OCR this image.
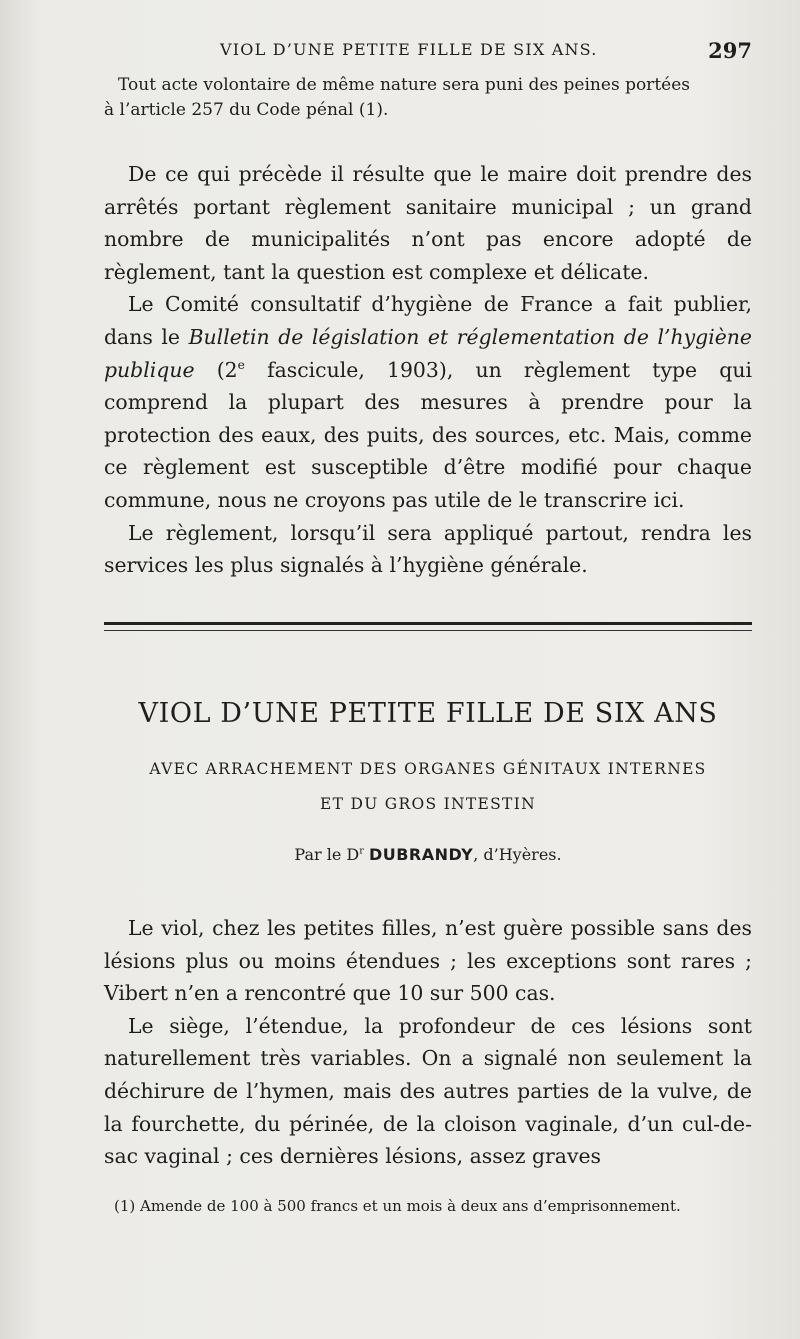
VIOL D’UNE PETITE FILLE DE SIX ANS.	297

Tout acte volontaire de même nature sera puni des peines portées

à l’article 257 du Code pénal (1).

De ce qui précède il résulte que le maire doit prendre des arrêtés portant règlement sanitaire municipal ; un grand nombre de municipalités n’ont pas encore adopté de règlement, tant la question est complexe et délicate.

Le Comité consultatif d’hygiène de France a fait publier, dans le Bulletin de législation et réglementation de l’hygiène publique (2e fascicule, 1903), un règlement type qui comprend la plupart des mesures à prendre pour la protection des eaux, des puits, des sources, etc. Mais, comme ce règlement est susceptible d’être modifié pour chaque commune, nous ne croyons pas utile de le transcrire ici.

Le règlement, lorsqu’il sera appliqué partout, rendra les services les plus signalés à l’hygiène générale.

VIOL D’UNE PETITE FILLE DE SIX ANS
AVEC ARRACHEMENT DES ORGANES GÉNITAUX INTERNES
ET DU GROS INTESTIN
Par le $D^r$ DUBRANDY, d’Hyères.

Le viol, chez les petites filles, n’est guère possible sans des lésions plus ou moins étendues ; les exceptions sont rares ; Vibert n’en a rencontré que 10 sur 500 cas.

Le siège, l’étendue, la profondeur de ces lésions sont naturellement très variables. On a signalé non seulement la déchirure de l’hymen, mais des autres parties de la vulve, de la fourchette, du périnée, de la cloison vaginale, d’un cul-de-sac vaginal ; ces dernières lésions, assez graves

(1) Amende de 100 à 500 francs et un mois à deux ans d’emprisonnement.
